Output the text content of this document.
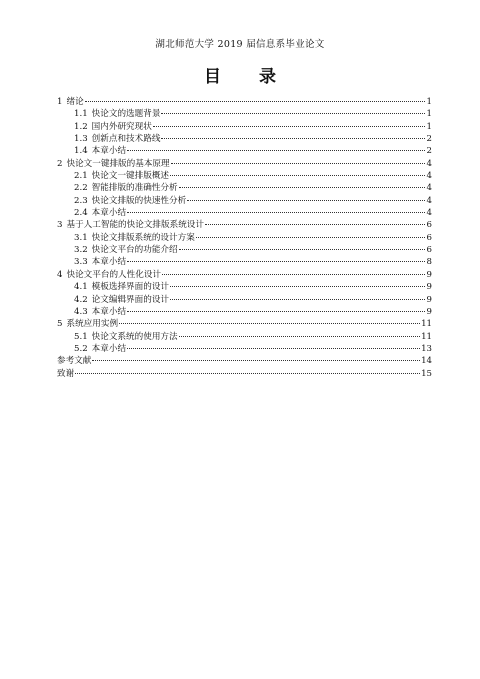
湖北师范大学 2019 届信息系毕业论文
目 录
1 绪论	1
1.1 快论文的选题背景	1
1.2 国内外研究现状	1
1.3 创新点和技术路线	2
1.4 本章小结	2
2 快论文一键排版的基本原理	4
2.1 快论文一键排版概述	4
2.2 智能排版的准确性分析	4
2.3 快论文排版的快速性分析	4
2.4 本章小结	4
3 基于人工智能的快论文排版系统设计	6
3.1 快论文排版系统的设计方案	6
3.2 快论文平台的功能介绍	6
3.3 本章小结	8
4 快论文平台的人性化设计	9
4.1 模板选择界面的设计	9
4.2 论文编辑界面的设计	9
4.3 本章小结	9
5 系统应用实例	11
5.1 快论文系统的使用方法	11
5.2 本章小结	13
参考文献	14
致谢	15
